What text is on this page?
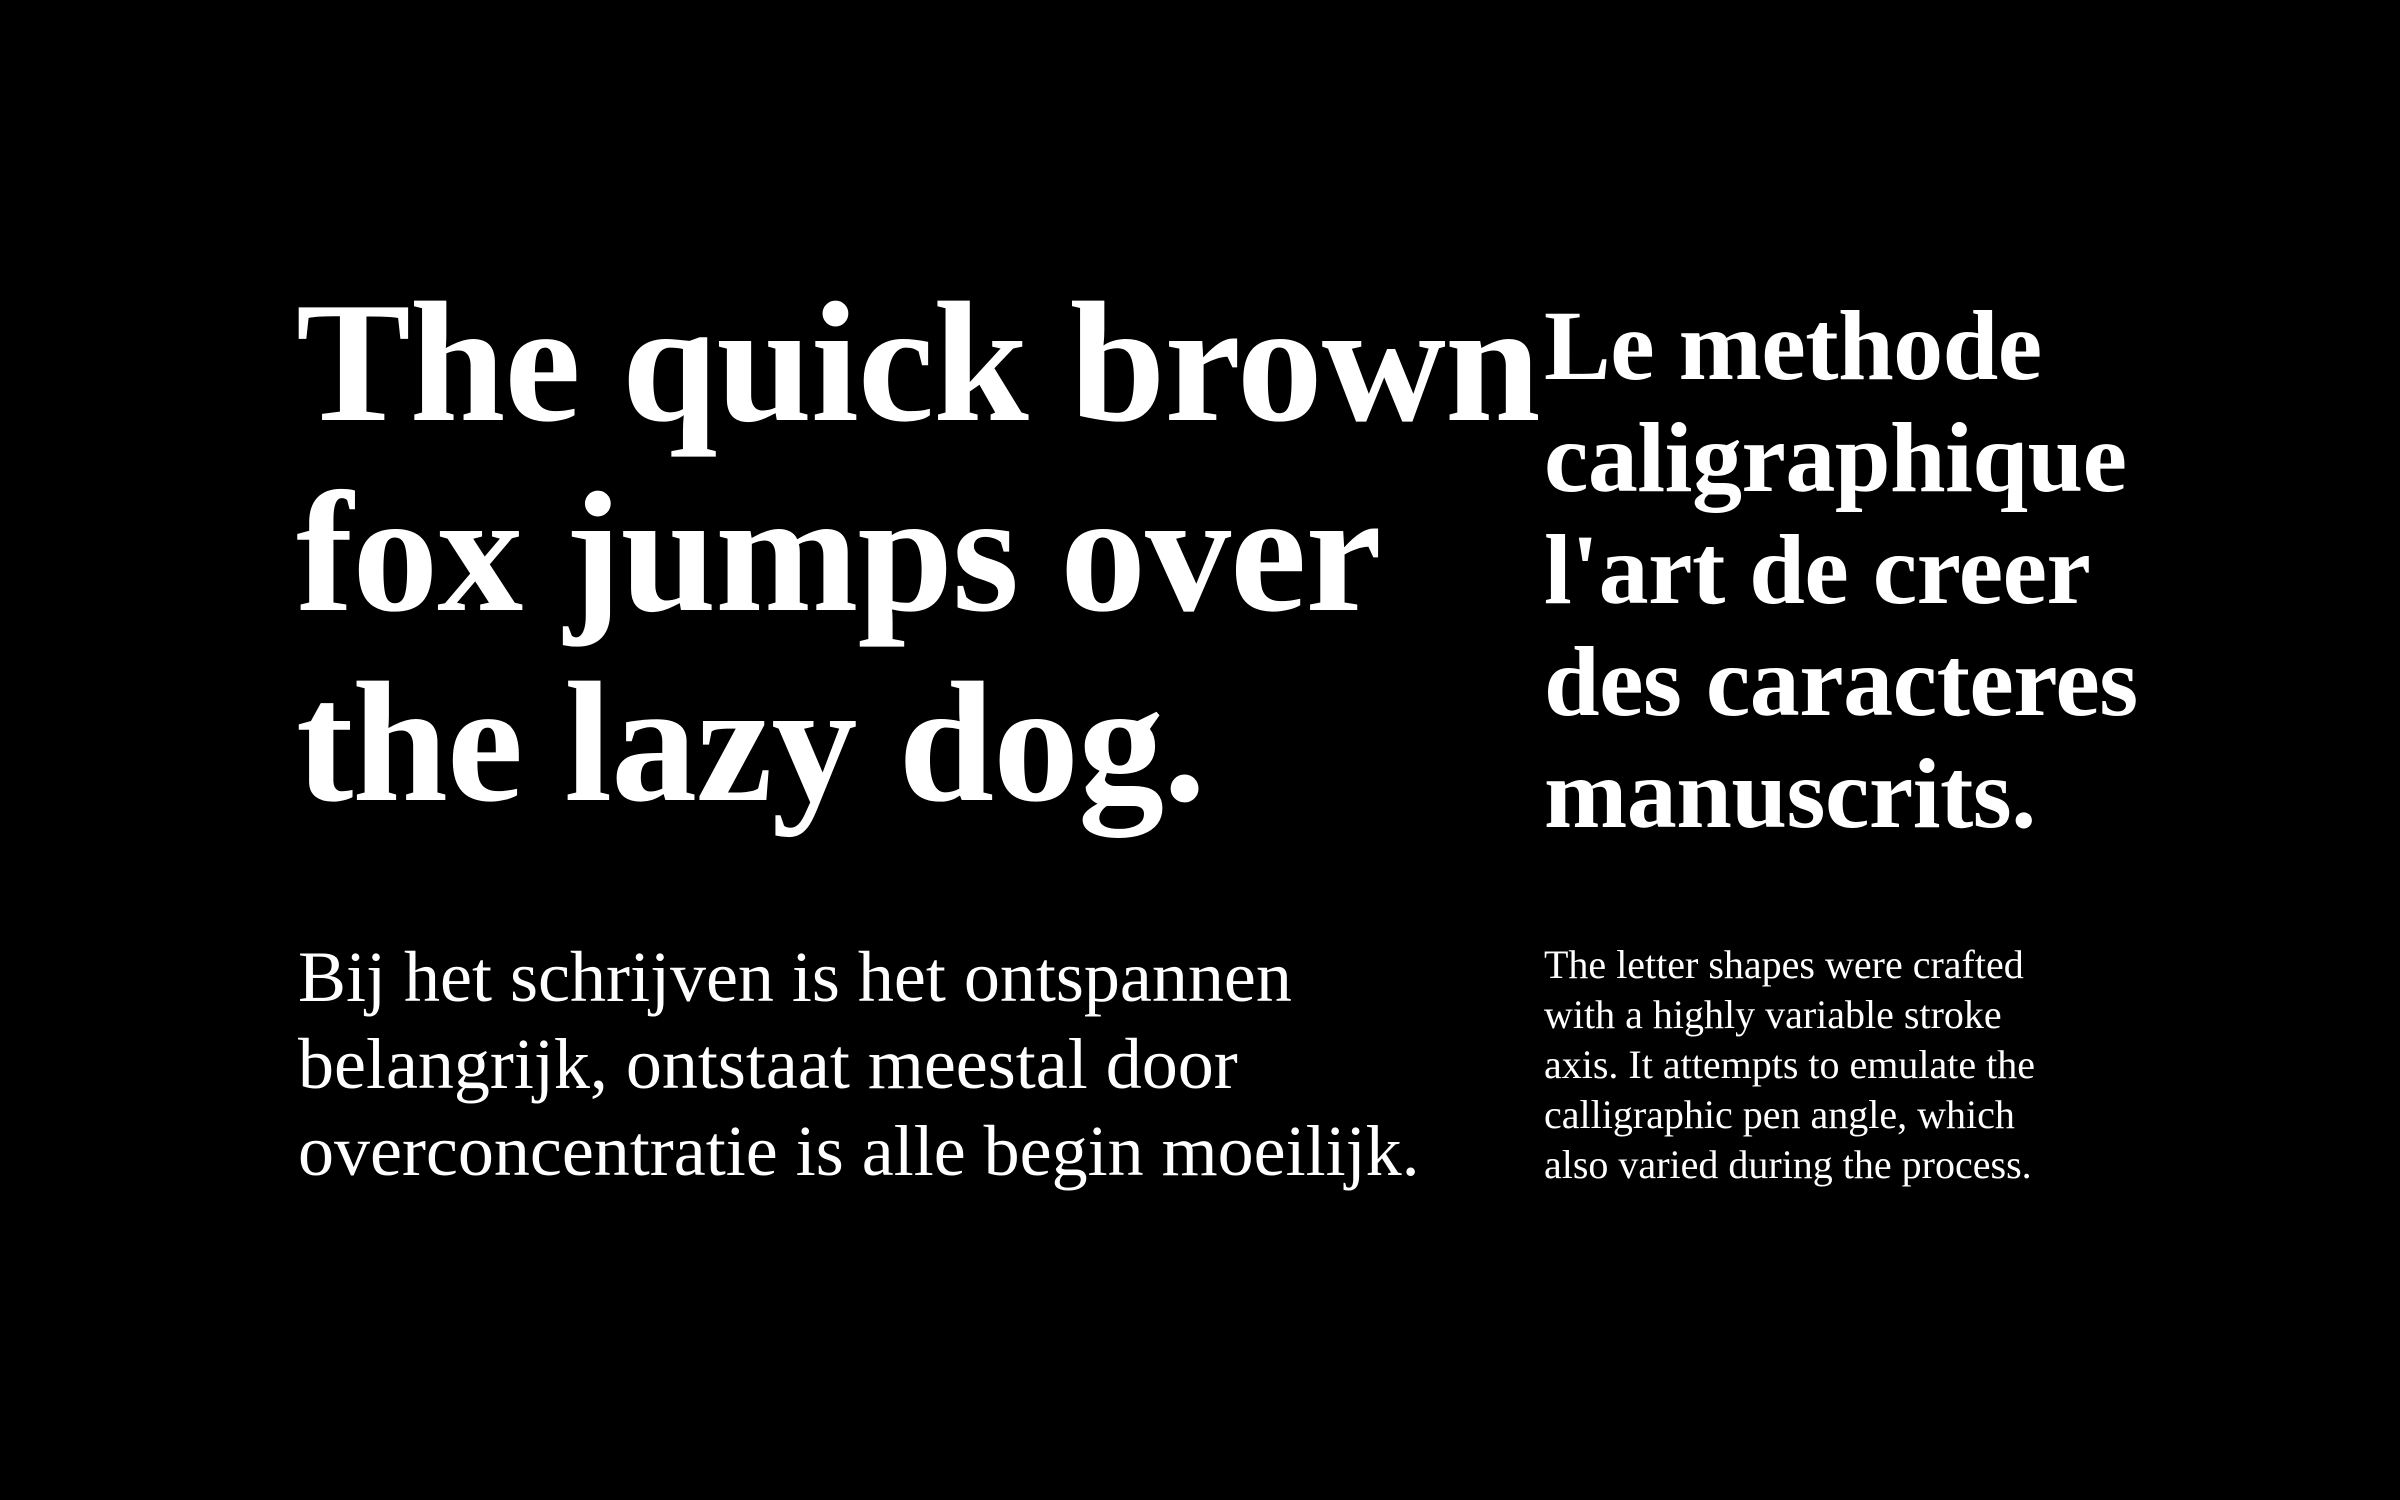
The quick brown
fox jumps over
the lazy dog.

Bij het schrijven is het ontspannen
belangrijk, ontstaat meestal door
overconcentratie is alle begin moeilijk.

Le methode
caligraphique
l'art de creer
des caracteres
manuscrits.

The letter shapes were crafted
with a highly variable stroke
axis. It attempts to emulate the
calligraphic pen angle, which
also varied during the process.
